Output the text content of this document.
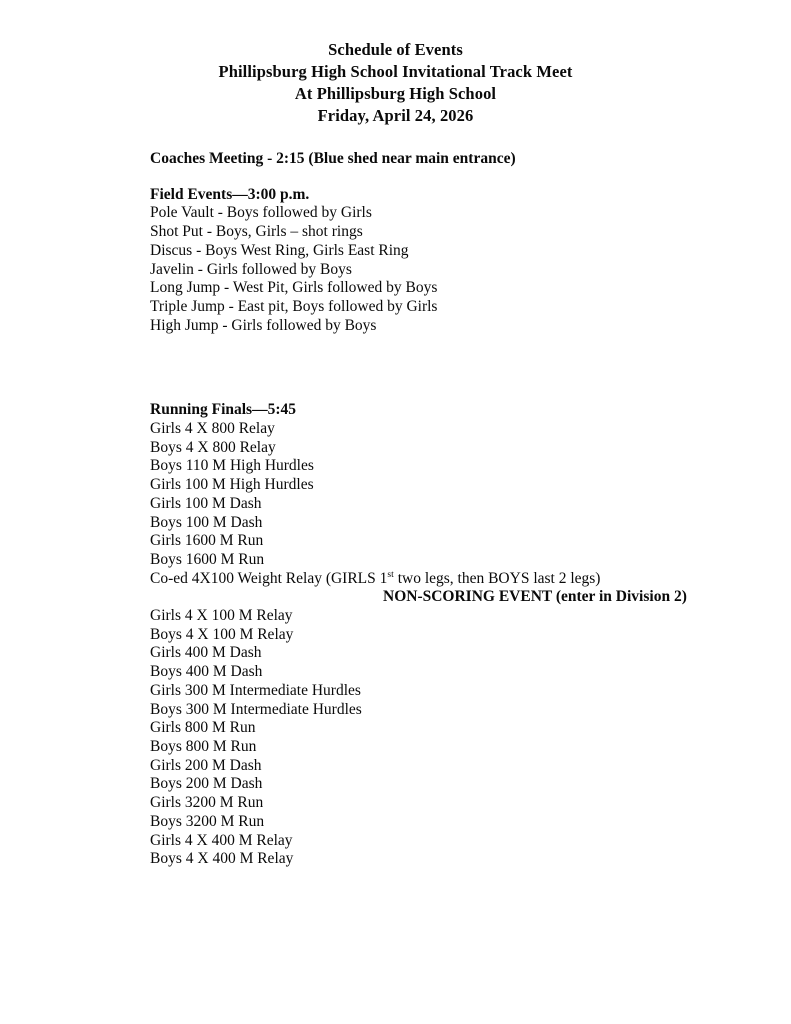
Schedule of Events
Phillipsburg High School Invitational Track Meet
At Phillipsburg High School
Friday, April 24, 2026
Coaches Meeting - 2:15 (Blue shed near main entrance)
Field Events—3:00 p.m.
Pole Vault - Boys followed by Girls
Shot Put - Boys, Girls – shot rings
Discus - Boys West Ring, Girls East Ring
Javelin - Girls followed by Boys
Long Jump - West Pit, Girls followed by Boys
Triple Jump - East pit, Boys followed by Girls
High Jump - Girls followed by Boys
Running Finals—5:45
Girls 4 X 800 Relay
Boys 4 X 800 Relay
Boys 110 M High Hurdles
Girls 100 M High Hurdles
Girls 100 M Dash
Boys 100 M Dash
Girls 1600 M Run
Boys 1600 M Run
Co-ed 4X100 Weight Relay (GIRLS 1st two legs, then BOYS last 2 legs)
NON-SCORING EVENT (enter in Division 2)
Girls 4 X 100 M Relay
Boys 4 X 100 M Relay
Girls 400 M Dash
Boys 400 M Dash
Girls 300 M Intermediate Hurdles
Boys 300 M Intermediate Hurdles
Girls 800 M Run
Boys 800 M Run
Girls 200 M Dash
Boys 200 M Dash
Girls 3200 M Run
Boys 3200 M Run
Girls 4 X 400 M Relay
Boys 4 X 400 M Relay
